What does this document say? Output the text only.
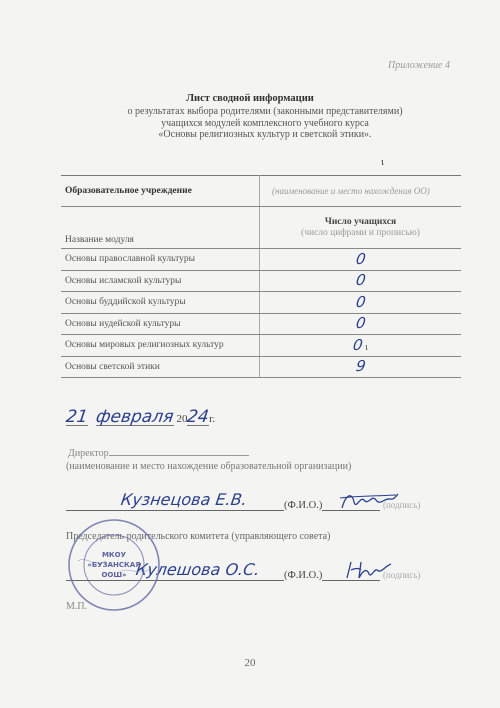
Приложение 4
Лист сводной информации
о результатах выбора родителями (законными представителями)
учащихся модулей комплексного учебного курса
«Основы религиозных культур и светской этики».
ɩ
Образовательное учреждение	(наименование и место нахождения ОО)
Название модуля	Число учащихся
(число цифрами и прописью)

Основы православной культуры	0
Основы исламской культуры	0
Основы буддийской культуры	0
Основы иудейской культуры	0
Основы мировых религиозных культур	0 ɩ
Основы светской этики	9
21 февраля 2024г.
Директор
(наименование и место нахождение образовательной организации)
(Ф.И.О.)	(подпись)
Кузнецова Е.В.
Председатель родительского комитета (управляющего совета)
(Ф.И.О.)	(подпись)
Кулешова О.С.
МКОУ
«БУЗАНСКАЯ
ООШ»
М.П.
20
